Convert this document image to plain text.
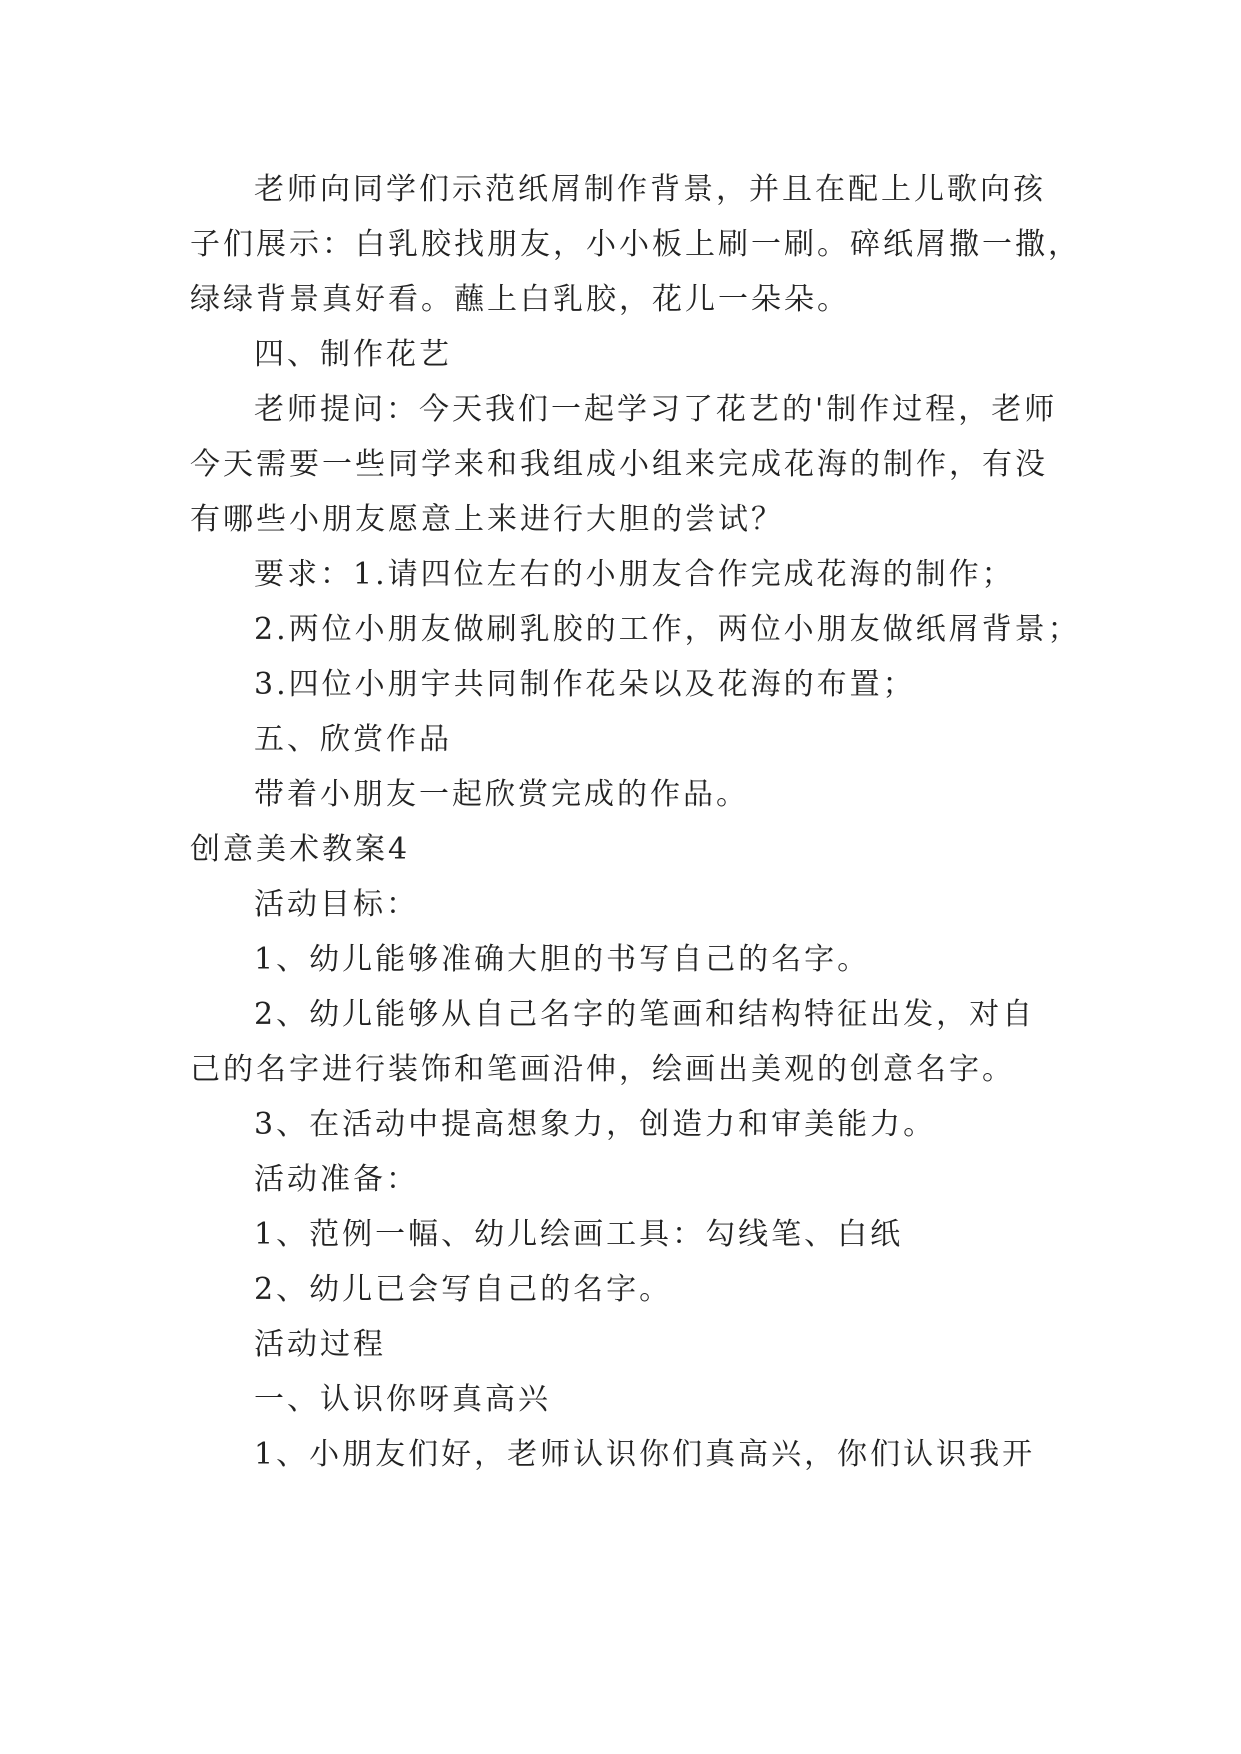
老师向同学们示范纸屑制作背景，并且在配上儿歌向孩

子们展示：白乳胶找朋友，小小板上刷一刷。碎纸屑撒一撒，

绿绿背景真好看。蘸上白乳胶，花儿一朵朵。

四、制作花艺

老师提问：今天我们一起学习了花艺的'制作过程，老师

今天需要一些同学来和我组成小组来完成花海的制作，有没

有哪些小朋友愿意上来进行大胆的尝试？

要求：1.请四位左右的小朋友合作完成花海的制作；

2.两位小朋友做刷乳胶的工作，两位小朋友做纸屑背景；

3.四位小朋宇共同制作花朵以及花海的布置；

五、欣赏作品

带着小朋友一起欣赏完成的作品。

创意美术教案4

活动目标：

1、幼儿能够准确大胆的书写自己的名字。

2、幼儿能够从自己名字的笔画和结构特征出发，对自

己的名字进行装饰和笔画沿伸，绘画出美观的创意名字。

3、在活动中提高想象力，创造力和审美能力。

活动准备：

1、范例一幅、幼儿绘画工具：勾线笔、白纸

2、幼儿已会写自己的名字。

活动过程

一、认识你呀真高兴

1、小朋友们好，老师认识你们真高兴，你们认识我开
